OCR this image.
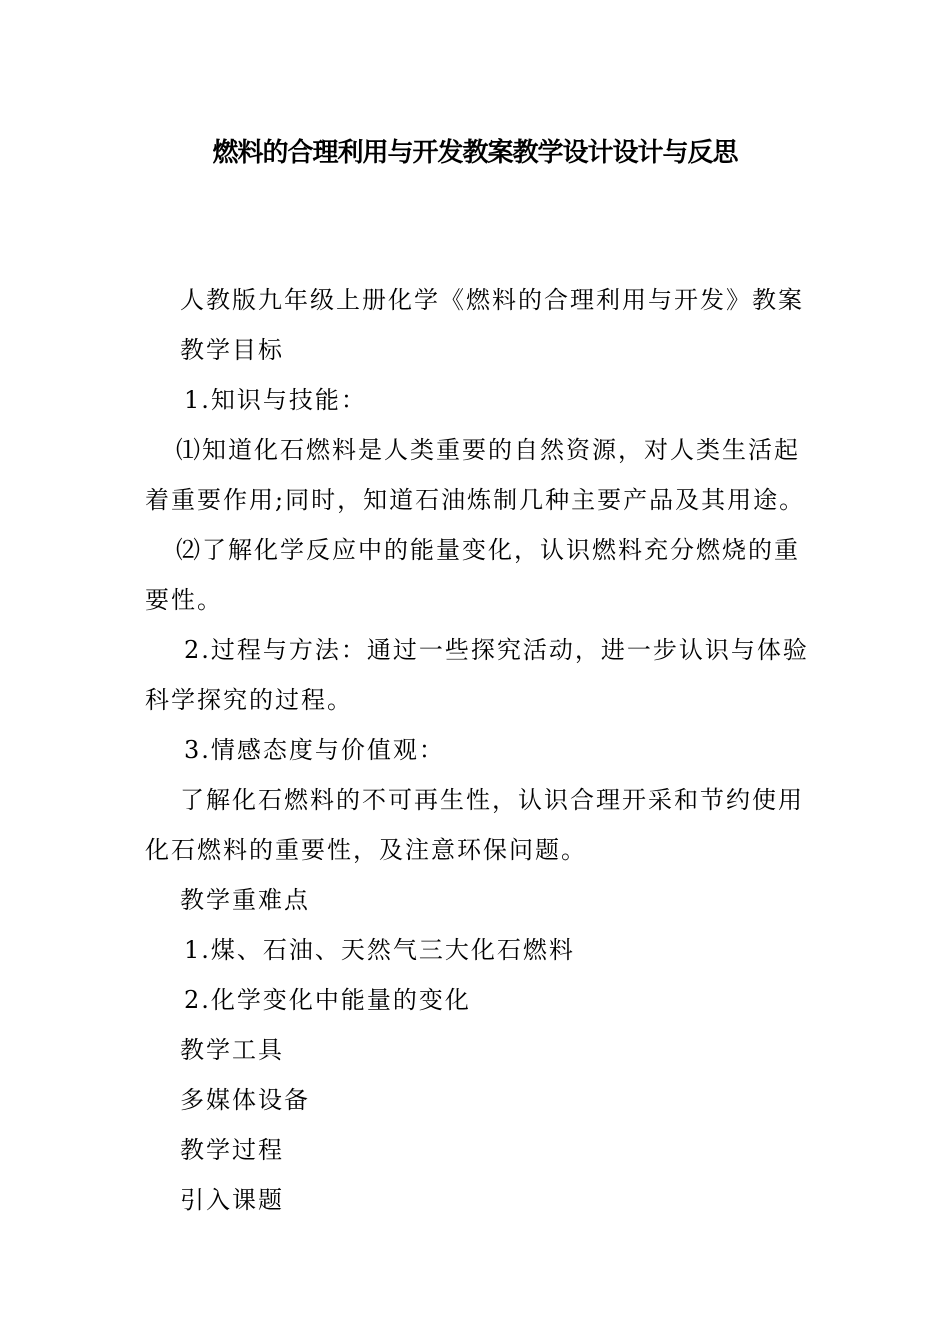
燃料的合理利用与开发教案教学设计设计与反思
人教版九年级上册化学《燃料的合理利用与开发》教案
教学目标
1.知识与技能：
⑴知道化石燃料是人类重要的自然资源，对人类生活起
着重要作用;同时，知道石油炼制几种主要产品及其用途。
⑵了解化学反应中的能量变化，认识燃料充分燃烧的重
要性。
2.过程与方法：通过一些探究活动，进一步认识与体验
科学探究的过程。
3.情感态度与价值观：
了解化石燃料的不可再生性，认识合理开采和节约使用
化石燃料的重要性，及注意环保问题。
教学重难点
1.煤、石油、天然气三大化石燃料
2.化学变化中能量的变化
教学工具
多媒体设备
教学过程
引入课题
